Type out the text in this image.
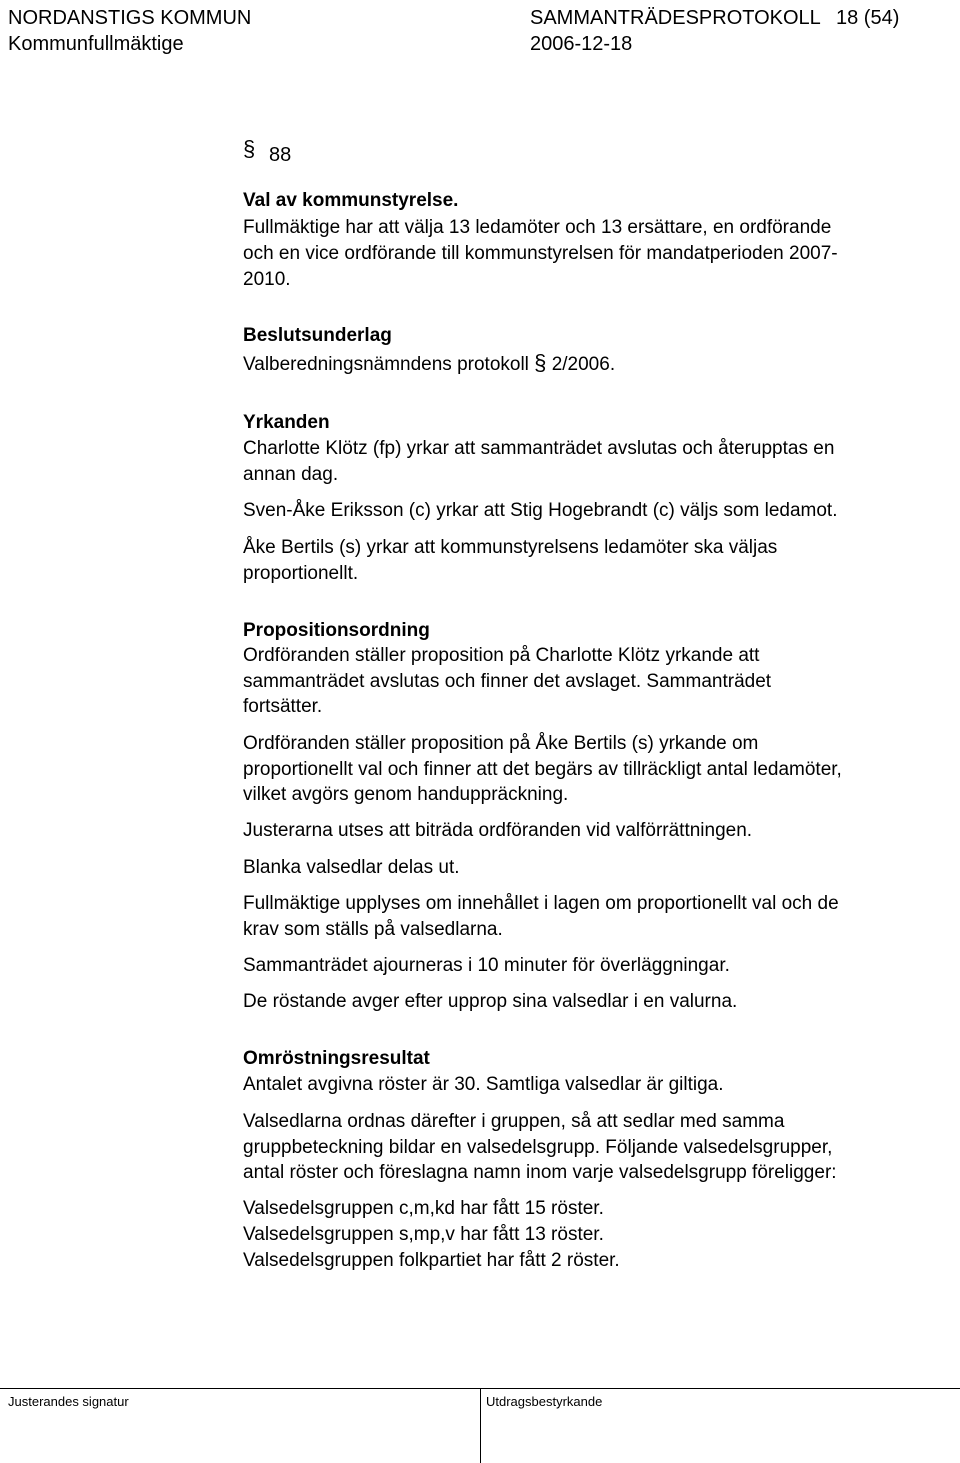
NORDANSTIGS KOMMUN
Kommunfullmäktige
SAMMANTRÄDESPROTOKOLL 18 (54)
2006-12-18
§ 88
Val av kommunstyrelse.
Fullmäktige har att välja 13 ledamöter och 13 ersättare, en ordförande
och en vice ordförande till kommunstyrelsen för mandatperioden 2007-
2010.
Beslutsunderlag
Valberedningsnämndens protokoll § 2/2006.
Yrkanden
Charlotte Klötz (fp) yrkar att sammanträdet avslutas och återupptas en
annan dag.
Sven-Åke Eriksson (c) yrkar att Stig Hogebrandt (c) väljs som ledamot.
Åke Bertils (s) yrkar att kommunstyrelsens ledamöter ska väljas
proportionellt.
Propositionsordning
Ordföranden ställer proposition på Charlotte Klötz yrkande att
sammanträdet avslutas och finner det avslaget. Sammanträdet
fortsätter.
Ordföranden ställer proposition på Åke Bertils (s) yrkande om
proportionellt val och finner att det begärs av tillräckligt antal ledamöter,
vilket avgörs genom handuppräckning.
Justerarna utses att biträda ordföranden vid valförrättningen.
Blanka valsedlar delas ut.
Fullmäktige upplyses om innehållet i lagen om proportionellt val och de
krav som ställs på valsedlarna.
Sammanträdet ajourneras i 10 minuter för överläggningar.
De röstande avger efter upprop sina valsedlar i en valurna.
Omröstningsresultat
Antalet avgivna röster är 30. Samtliga valsedlar är giltiga.
Valsedlarna ordnas därefter i gruppen, så att sedlar med samma
gruppbeteckning bildar en valsedelsgrupp. Följande valsedelsgrupper,
antal röster och föreslagna namn inom varje valsedelsgrupp föreligger:
Valsedelsgruppen c,m,kd har fått 15 röster.
Valsedelsgruppen s,mp,v har fått 13 röster.
Valsedelsgruppen folkpartiet har fått 2 röster.
Justerandes signatur	Utdragsbestyrkande
